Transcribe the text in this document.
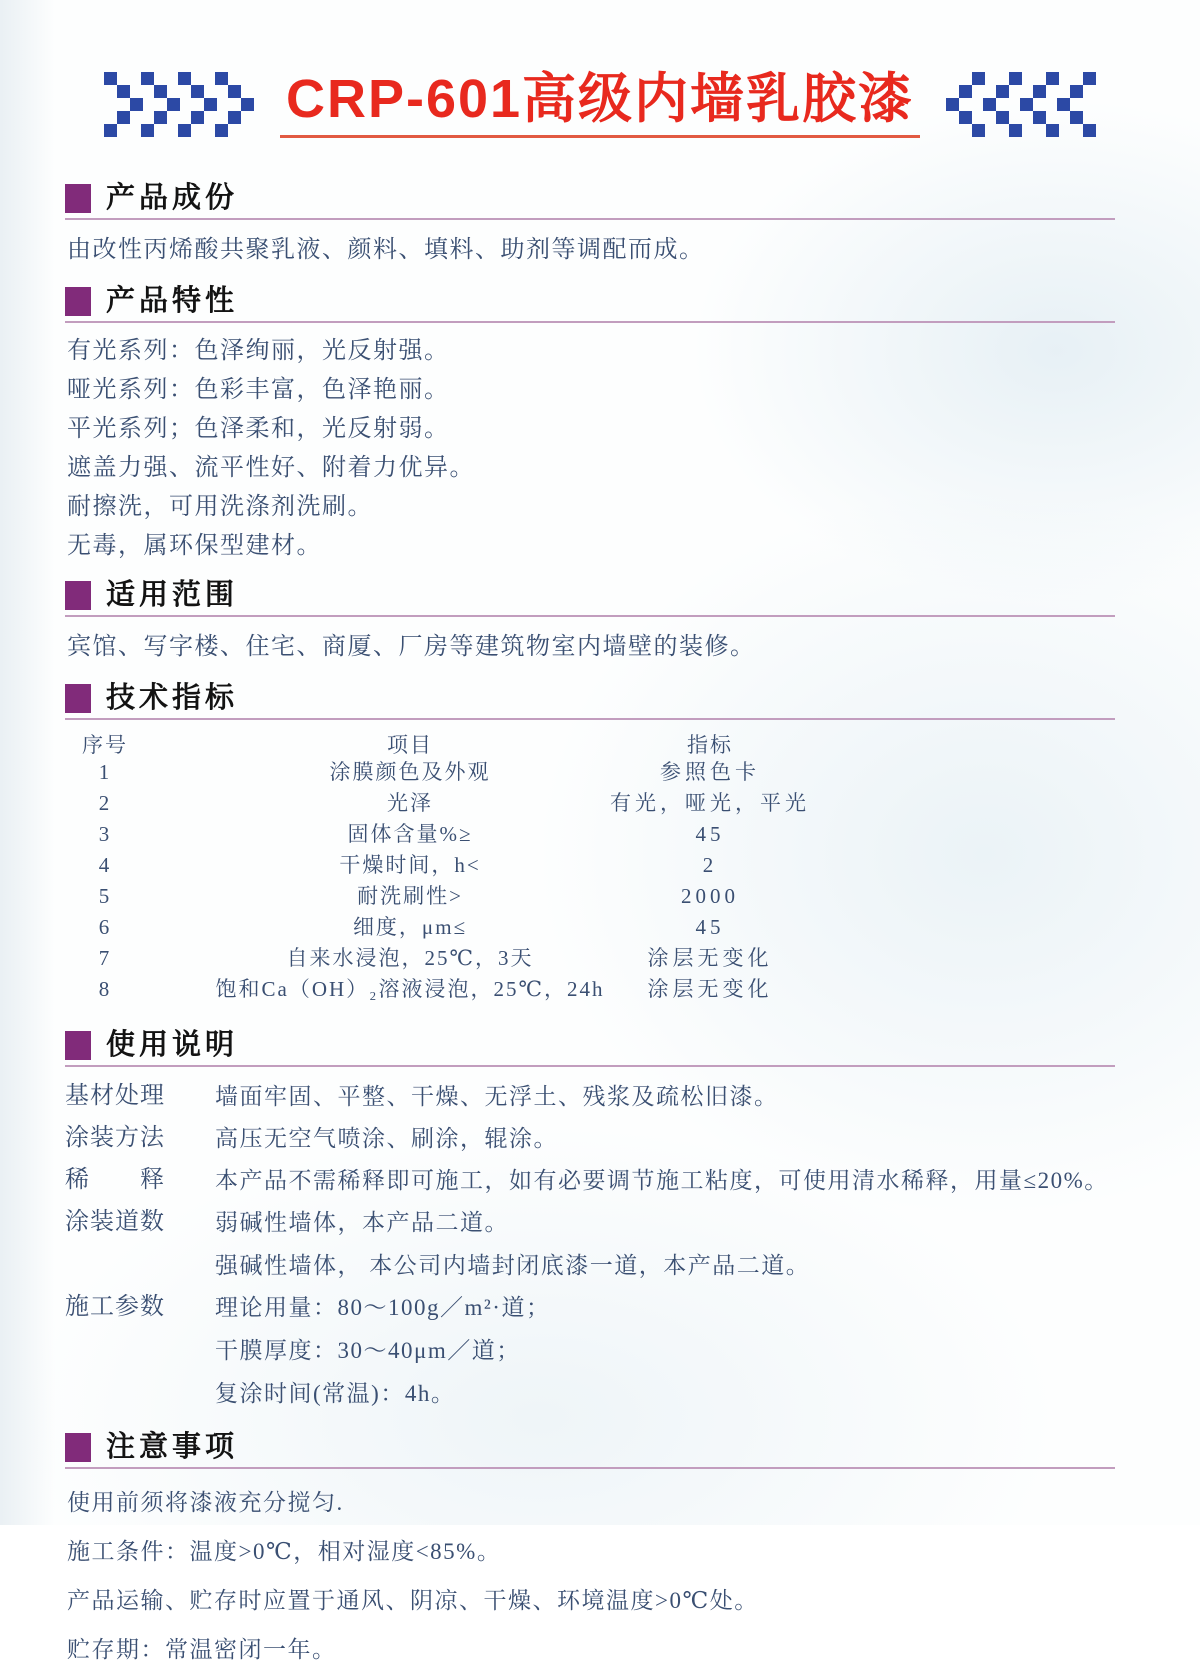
CRP-601高级内墙乳胶漆
产品成份

由改性丙烯酸共聚乳液、颜料、填料、助剂等调配而成。

产品特性

有光系列：色泽绚丽，光反射强。

哑光系列：色彩丰富，色泽艳丽。

平光系列；色泽柔和，光反射弱。

遮盖力强、流平性好、附着力优异。

耐擦洗，可用洗涤剂洗刷。

无毒，属环保型建材。

适用范围

宾馆、写字楼、住宅、商厦、厂房等建筑物室内墙壁的装修。

技术指标
序号	项目	指标
1	涂膜颜色及外观	参照色卡
2	光泽	有光，哑光，平光
3	固体含量%≥	45
4	干燥时间，h<	2
5	耐洗刷性>	2000
6	细度，μm≤	45
7	自来水浸泡，25℃，3天	涂层无变化
8	饱和Ca（OH）₂溶液浸泡，25℃，24h	涂层无变化
使用说明
基材处理	墙面牢固、平整、干燥、无浮土、残浆及疏松旧漆。

涂装方法	高压无空气喷涂、刷涂，辊涂。

稀　　释	本产品不需稀释即可施工，如有必要调节施工粘度，可使用清水稀释，用量≤20%。

涂装道数	弱碱性墙体，本产品二道。

强碱性墙体， 本公司内墙封闭底漆一道，本产品二道。

施工参数	理论用量：80～100g／m²·道；

干膜厚度：30～40μm／道；

复涂时间(常温)：4h。

注意事项

使用前须将漆液充分搅匀.

施工条件：温度>0℃，相对湿度<85%。

产品运输、贮存时应置于通风、阴凉、干燥、环境温度>0℃处。

贮存期：常温密闭一年。
